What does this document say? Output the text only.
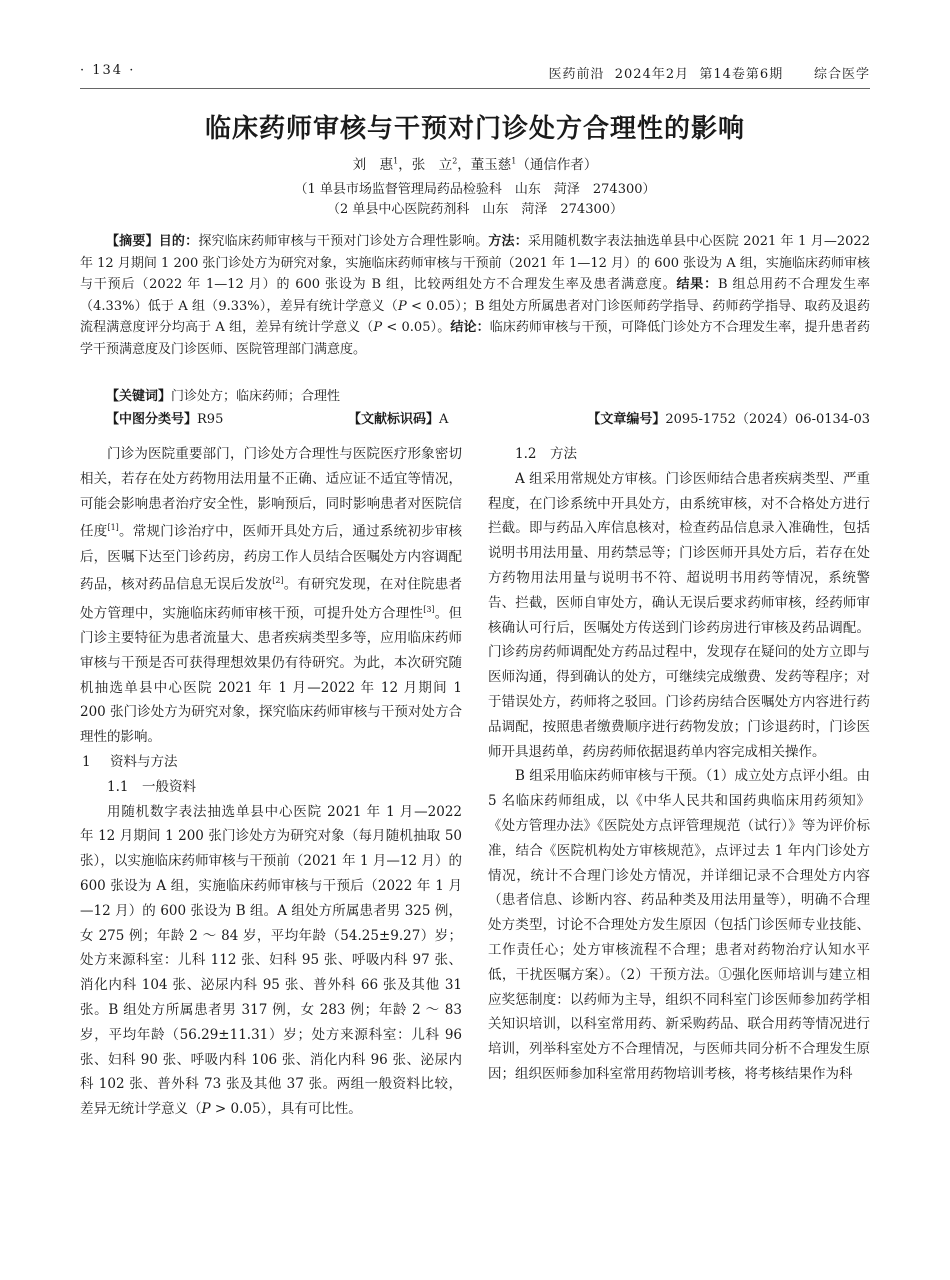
· 134 ·	医药前沿  2024年2月  第14卷第6期      综合医学
临床药师审核与干预对门诊处方合理性的影响
刘　惠$^1$，张　立$^2$，董玉慈$^1$（通信作者）
（1 单县市场监督管理局药品检验科　山东　菏泽　274300）
（2 单县中心医院药剂科　山东　菏泽　274300）
【摘要】目的：探究临床药师审核与干预对门诊处方合理性影响。方法：采用随机数字表法抽选单县中心医院 2021 年 1 月—2022 年 12 月期间 1 200 张门诊处方为研究对象，实施临床药师审核与干预前（2021 年 1—12 月）的 600 张设为 A 组，实施临床药师审核与干预后（2022 年 1—12 月）的 600 张设为 B 组，比较两组处方不合理发生率及患者满意度。结果：B 组总用药不合理发生率（4.33%）低于 A 组（9.33%），差异有统计学意义（P < 0.05）；B 组处方所属患者对门诊医师药学指导、药师药学指导、取药及退药流程满意度评分均高于 A 组，差异有统计学意义（P < 0.05）。结论：临床药师审核与干预，可降低门诊处方不合理发生率，提升患者药学干预满意度及门诊医师、医院管理部门满意度。
【关键词】门诊处方；临床药师；合理性
【中图分类号】R95	【文献标识码】A	【文章编号】2095-1752（2024）06-0134-03

门诊为医院重要部门，门诊处方合理性与医院医疗形象密切相关，若存在处方药物用法用量不正确、适应证不适宜等情况，可能会影响患者治疗安全性，影响预后，同时影响患者对医院信任度[1]。常规门诊治疗中，医师开具处方后，通过系统初步审核后，医嘱下达至门诊药房，药房工作人员结合医嘱处方内容调配药品，核对药品信息无误后发放[2]。有研究发现，在对住院患者处方管理中，实施临床药师审核干预，可提升处方合理性[3]。但门诊主要特征为患者流量大、患者疾病类型多等，应用临床药师审核与干预是否可获得理想效果仍有待研究。为此，本次研究随机抽选单县中心医院 2021 年 1 月—2022 年 12 月期间 1 200 张门诊处方为研究对象，探究临床药师审核与干预对处方合理性的影响。

1 资料与方法

1.1　一般资料

用随机数字表法抽选单县中心医院 2021 年 1 月—2022 年 12 月期间 1 200 张门诊处方为研究对象（每月随机抽取 50 张），以实施临床药师审核与干预前（2021 年 1 月—12 月）的 600 张设为 A 组，实施临床药师审核与干预后（2022 年 1 月—12 月）的 600 张设为 B 组。A 组处方所属患者男 325 例，女 275 例；年龄 2 ～ 84 岁，平均年龄（54.25±9.27）岁；处方来源科室：儿科 112 张、妇科 95 张、呼吸内科 97 张、消化内科 104 张、泌尿内科 95 张、普外科 66 张及其他 31 张。B 组处方所属患者男 317 例，女 283 例；年龄 2 ～ 83 岁，平均年龄（56.29±11.31）岁；处方来源科室：儿科 96 张、妇科 90 张、呼吸内科 106 张、消化内科 96 张、泌尿内科 102 张、普外科 73 张及其他 37 张。两组一般资料比较，差异无统计学意义（P > 0.05），具有可比性。

1.2　方法

A 组采用常规处方审核。门诊医师结合患者疾病类型、严重程度，在门诊系统中开具处方，由系统审核，对不合格处方进行拦截。即与药品入库信息核对，检查药品信息录入准确性，包括说明书用法用量、用药禁忌等；门诊医师开具处方后，若存在处方药物用法用量与说明书不符、超说明书用药等情况，系统警告、拦截，医师自审处方，确认无误后要求药师审核，经药师审核确认可行后，医嘱处方传送到门诊药房进行审核及药品调配。门诊药房药师调配处方药品过程中，发现存在疑问的处方立即与医师沟通，得到确认的处方，可继续完成缴费、发药等程序；对于错误处方，药师将之驳回。门诊药房结合医嘱处方内容进行药品调配，按照患者缴费顺序进行药物发放；门诊退药时，门诊医师开具退药单，药房药师依据退药单内容完成相关操作。

B 组采用临床药师审核与干预。（1）成立处方点评小组。由 5 名临床药师组成，以《中华人民共和国药典临床用药须知》《处方管理办法》《医院处方点评管理规范（试行）》等为评价标准，结合《医院机构处方审核规范》，点评过去 1 年内门诊处方情况，统计不合理门诊处方情况，并详细记录不合理处方内容（患者信息、诊断内容、药品种类及用法用量等），明确不合理处方类型，讨论不合理处方发生原因（包括门诊医师专业技能、工作责任心；处方审核流程不合理；患者对药物治疗认知水平低，干扰医嘱方案）。（2）干预方法。①强化医师培训与建立相应奖惩制度：以药师为主导，组织不同科室门诊医师参加药学相关知识培训，以科室常用药、新采购药品、联合用药等情况进行培训，列举科室处方不合理情况，与医师共同分析不合理发生原因；组织医师参加科室常用药物培训考核，将考核结果作为科
